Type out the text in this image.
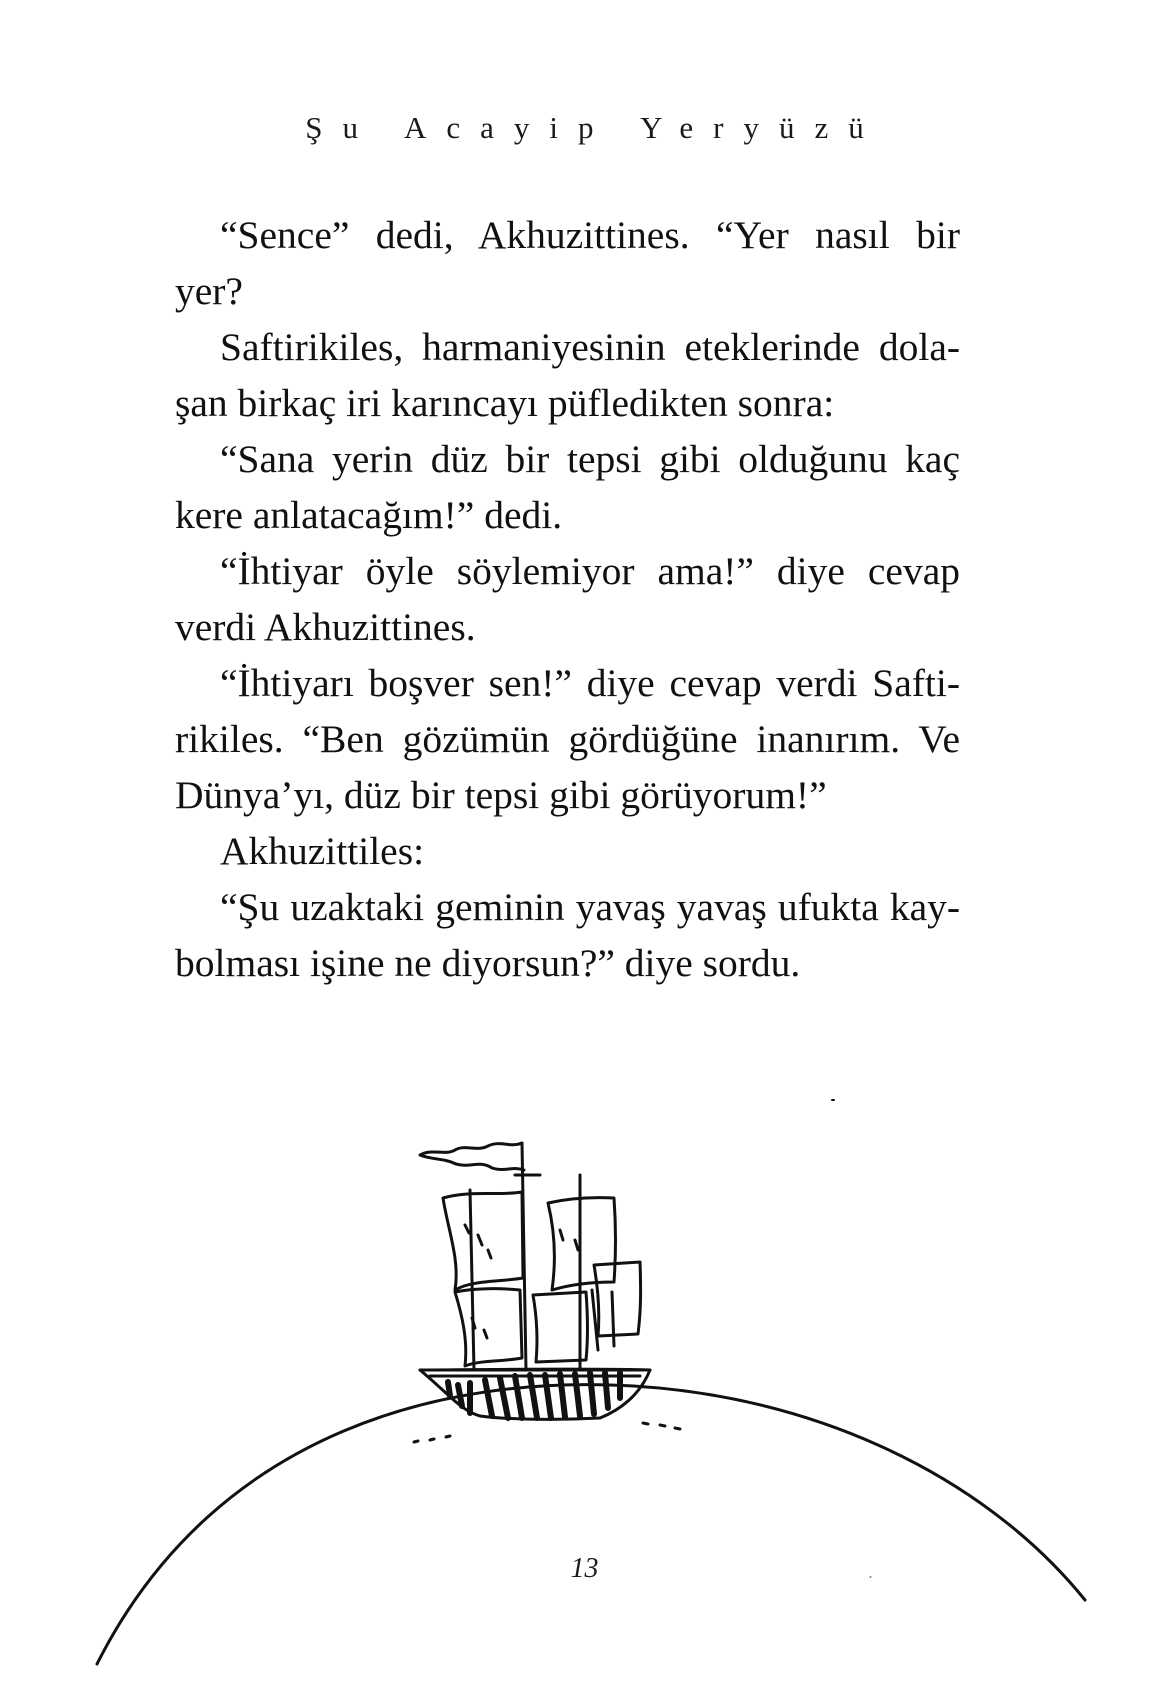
Şu Acayip Yeryüzü

“Sence” dedi, Akhuzittines. “Yer nasıl bir
yer?

Saftirikiles, harmaniyesinin eteklerinde dola-
şan birkaç iri karıncayı püfledikten sonra:

“Sana yerin düz bir tepsi gibi olduğunu kaç
kere anlatacağım!” dedi.

“İhtiyar öyle söylemiyor ama!” diye cevap
verdi Akhuzittines.

“İhtiyarı boşver sen!” diye cevap verdi Safti-
rikiles. “Ben gözümün gördüğüne inanırım. Ve
Dünya’yı, düz bir tepsi gibi görüyorum!”

Akhuzittiles:

“Şu uzaktaki geminin yavaş yavaş ufukta kay-
bolması işine ne diyorsun?” diye sordu.

13
